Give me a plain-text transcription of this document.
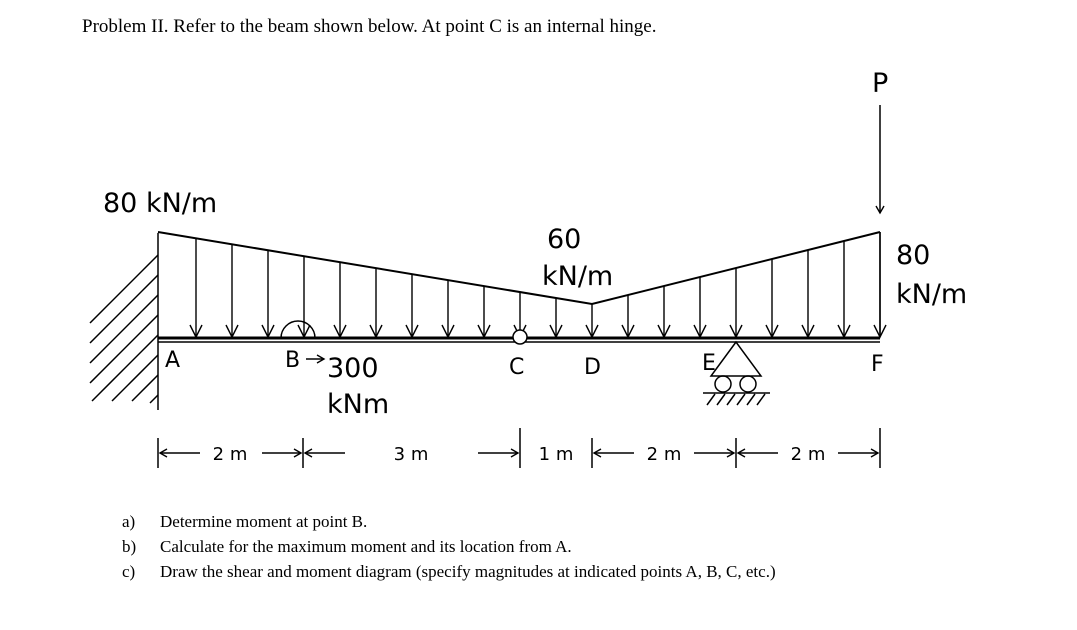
Problem II. Refer to the beam shown below. At point C is an internal hinge.
80 kN/m
60
kN/m
80
kN/m
P
300
kNm
A	B	C	D	E	F
2 m	3 m	1 m	2 m	2 m
a) Determine moment at point B.
b) Calculate for the maximum moment and its location from A.
c) Draw the shear and moment diagram (specify magnitudes at indicated points A, B, C, etc.)
